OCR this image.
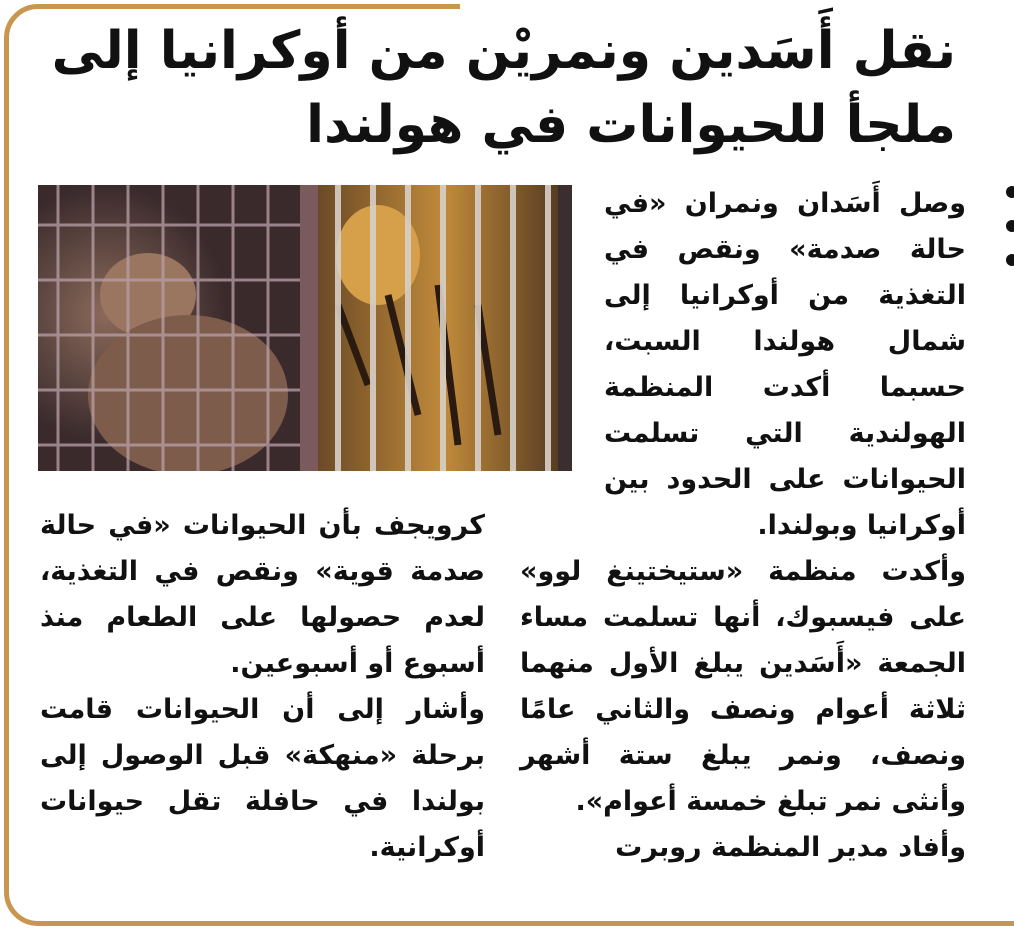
نقل أَسَدين ونمريْن من أوكرانيا إلى
ملجأ للحيوانات في هولندا

وصل أَسَدان ونمران «في حالة صدمة» ونقص في التغذية من أوكرانيا إلى شمال هولندا السبت، حسبما أكدت المنظمة الهولندية التي تسلمت الحيوانات على الحدود بين أوكرانيا وبولندا.

وأكدت منظمة «ستيختينغ لوو» على فيسبوك، أنها تسلمت مساء الجمعة «أَسَدين يبلغ الأول منهما ثلاثة أعوام ونصف والثاني عامًا ونصف، ونمر يبلغ ستة أشهر وأنثى نمر تبلغ خمسة أعوام».

وأفاد مدير المنظمة روبرت

كرويجف بأن الحيوانات «في حالة صدمة قوية» ونقص في التغذية، لعدم حصولها على الطعام منذ أسبوع أو أسبوعين.

وأشار إلى أن الحيوانات قامت برحلة «منهكة» قبل الوصول إلى بولندا في حافلة تقل حيوانات أوكرانية.
